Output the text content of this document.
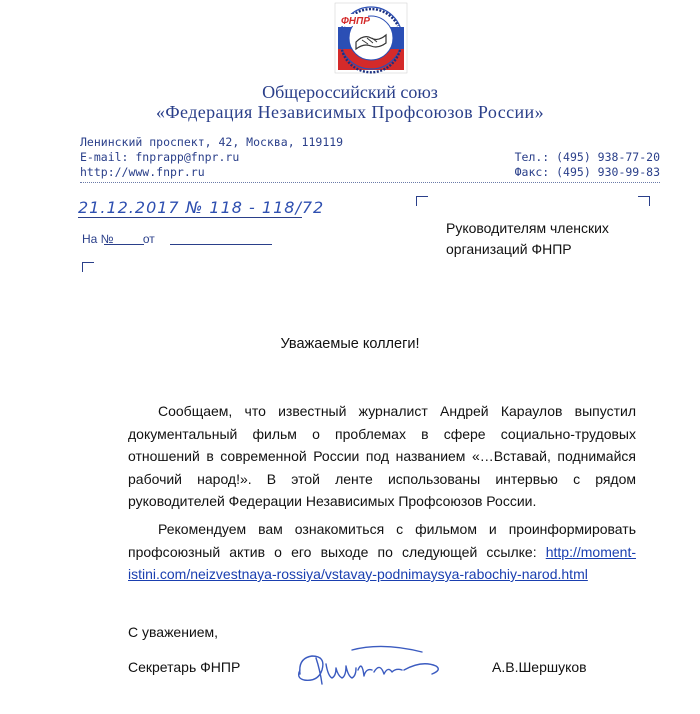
ФНПР
Общероссийский союз
«Федерация Независимых Профсоюзов России»
Ленинский проспект, 42, Москва, 119119
E-mail: fnprapp@fnpr.ru
http://www.fnpr.ru
Тел.: (495) 938-77-20
Факс: (495) 930-99-83
21.12.2017 № 118 - 118/72
На № от
Руководителям членских
организаций ФНПР
Уважаемые коллеги!
Сообщаем, что известный журналист Андрей Караулов выпустил документальный фильм о проблемах в сфере социально-трудовых отношений в современной России под названием «…Вставай, поднимайся рабочий народ!». В этой ленте использованы интервью с рядом руководителей Федерации Независимых Профсоюзов России.
Рекомендуем вам ознакомиться с фильмом и проинформировать профсоюзный актив о его выходе по следующей ссылке: http://moment-istini.com/neizvestnaya-rossiya/vstavay-podnimaysya-rabochiy-narod.html
С уважением,
Секретарь ФНПР	А.В.Шершуков
